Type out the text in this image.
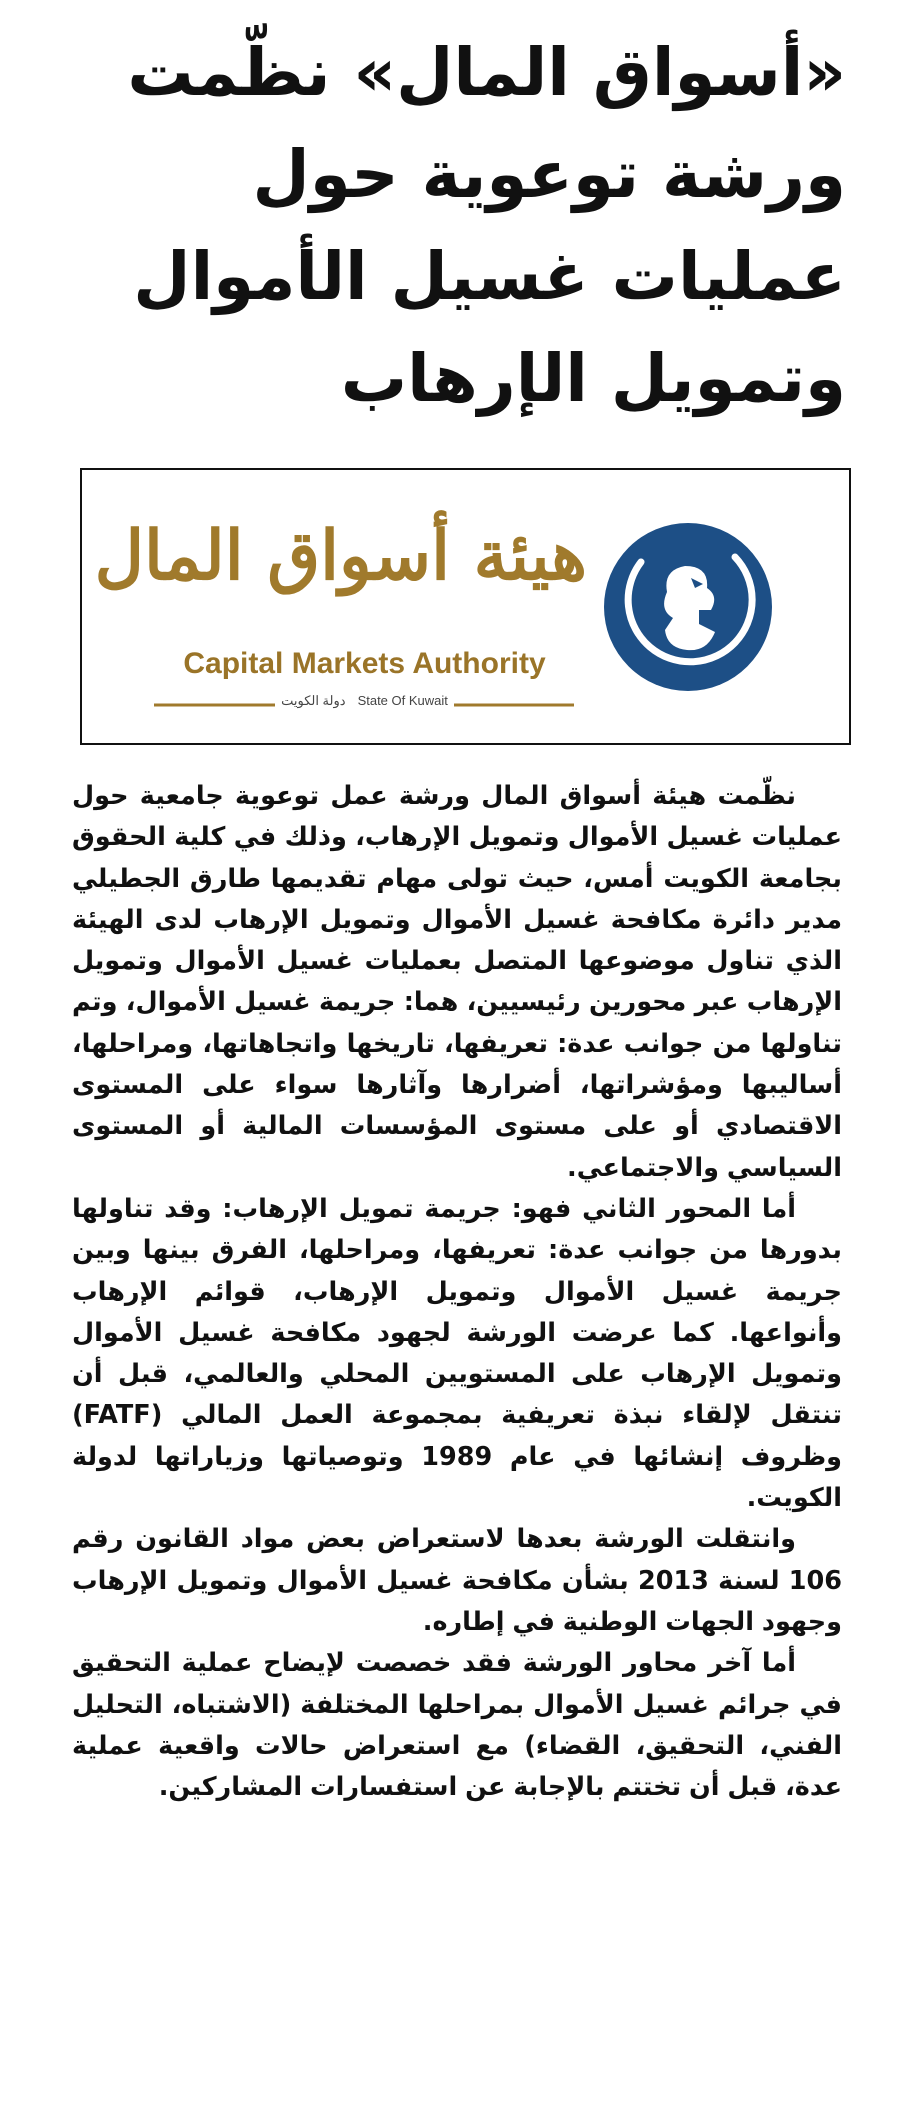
«أسواق المال» نظّمت ورشة توعوية حول عمليات غسيل الأموال وتمويل الإرهاب
هيئة أسواق المال
Capital Markets Authority
State Of Kuwaitدولة الكويت

نظّمت هيئة أسواق المال ورشة عمل توعوية جامعية حول عمليات غسيل الأموال وتمويل الإرهاب، وذلك في كلية الحقوق بجامعة الكويت أمس، حيث تولى مهام تقديمها طارق الجطيلي مدير دائرة مكافحة غسيل الأموال وتمويل الإرهاب لدى الهيئة الذي تناول موضوعها المتصل بعمليات غسيل الأموال وتمويل الإرهاب عبر محورين رئيسيين، هما: جريمة غسيل الأموال، وتم تناولها من جوانب عدة: تعريفها، تاريخها واتجاهاتها، ومراحلها، أساليبها ومؤشراتها، أضرارها وآثارها سواء على المستوى الاقتصادي أو على مستوى المؤسسات المالية أو المستوى السياسي والاجتماعي.

أما المحور الثاني فهو: جريمة تمويل الإرهاب: وقد تناولها بدورها من جوانب عدة: تعريفها، ومراحلها، الفرق بينها وبين جريمة غسيل الأموال وتمويل الإرهاب، قوائم الإرهاب وأنواعها. كما عرضت الورشة لجهود مكافحة غسيل الأموال وتمويل الإرهاب على المستويين المحلي والعالمي، قبل أن تنتقل لإلقاء نبذة تعريفية بمجموعة العمل المالي (FATF) وظروف إنشائها في عام 1989 وتوصياتها وزياراتها لدولة الكويت.

وانتقلت الورشة بعدها لاستعراض بعض مواد القانون رقم 106 لسنة 2013 بشأن مكافحة غسيل الأموال وتمويل الإرهاب وجهود الجهات الوطنية في إطاره.

أما آخر محاور الورشة فقد خصصت لإيضاح عملية التحقيق في جرائم غسيل الأموال بمراحلها المختلفة (الاشتباه، التحليل الفني، التحقيق، القضاء) مع استعراض حالات واقعية عملية عدة، قبل أن تختتم بالإجابة عن استفسارات المشاركين.
